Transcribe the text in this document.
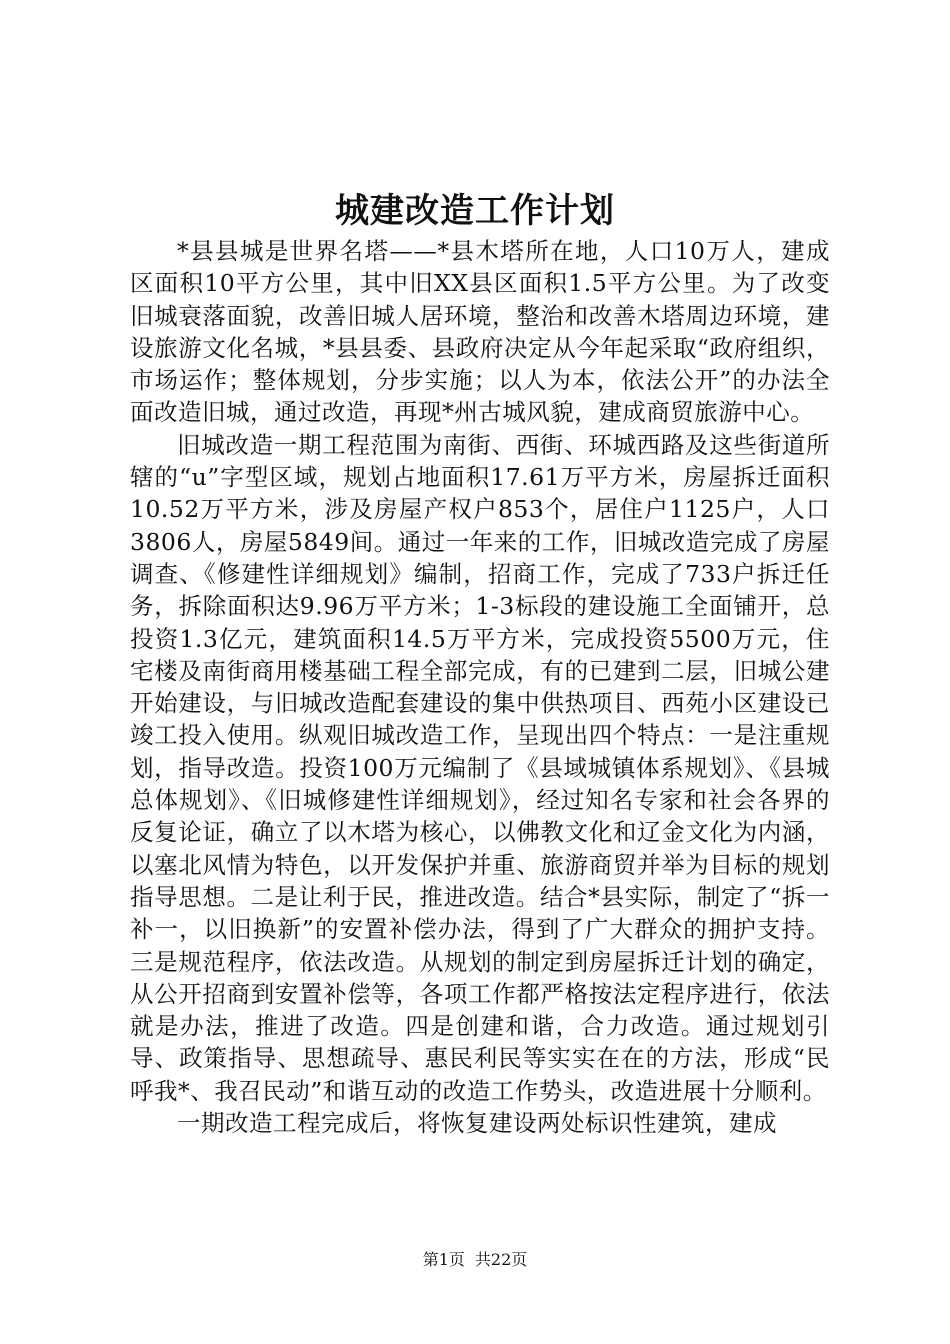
城建改造工作计划

*县县城是世界名塔——*县木塔所在地，人口10万人，建成区面积10平方公里，其中旧XX县区面积1.5平方公里。为了改变旧城衰落面貌，改善旧城人居环境，整治和改善木塔周边环境，建设旅游文化名城，*县县委、县政府决定从今年起采取“政府组织，市场运作；整体规划，分步实施；以人为本，依法公开”的办法全面改造旧城，通过改造，再现*州古城风貌，建成商贸旅游中心。

旧城改造一期工程范围为南街、西街、环城西路及这些街道所辖的“u”字型区域，规划占地面积17.61万平方米，房屋拆迁面积10.52万平方米，涉及房屋产权户853个，居住户1125户，人口3806人，房屋5849间。通过一年来的工作，旧城改造完成了房屋调查、《修建性详细规划》编制，招商工作，完成了733户拆迁任务，拆除面积达9.96万平方米；1-3标段的建设施工全面铺开，总投资1.3亿元，建筑面积14.5万平方米，完成投资5500万元，住宅楼及南街商用楼基础工程全部完成，有的已建到二层，旧城公建开始建设，与旧城改造配套建设的集中供热项目、西苑小区建设已竣工投入使用。纵观旧城改造工作，呈现出四个特点：一是注重规划，指导改造。投资100万元编制了《县域城镇体系规划》、《县城总体规划》、《旧城修建性详细规划》，经过知名专家和社会各界的反复论证，确立了以木塔为核心，以佛教文化和辽金文化为内涵，以塞北风情为特色，以开发保护并重、旅游商贸并举为目标的规划指导思想。二是让利于民，推进改造。结合*县实际，制定了“拆一补一，以旧换新”的安置补偿办法，得到了广大群众的拥护支持。三是规范程序，依法改造。从规划的制定到房屋拆迁计划的确定，从公开招商到安置补偿等，各项工作都严格按法定程序进行，依法就是办法，推进了改造。四是创建和谐，合力改造。通过规划引导、政策指导、思想疏导、惠民利民等实实在在的方法，形成“民呼我*、我召民动”和谐互动的改造工作势头，改造进展十分顺利。

一期改造工程完成后，将恢复建设两处标识性建筑，建成

第1页 共22页
